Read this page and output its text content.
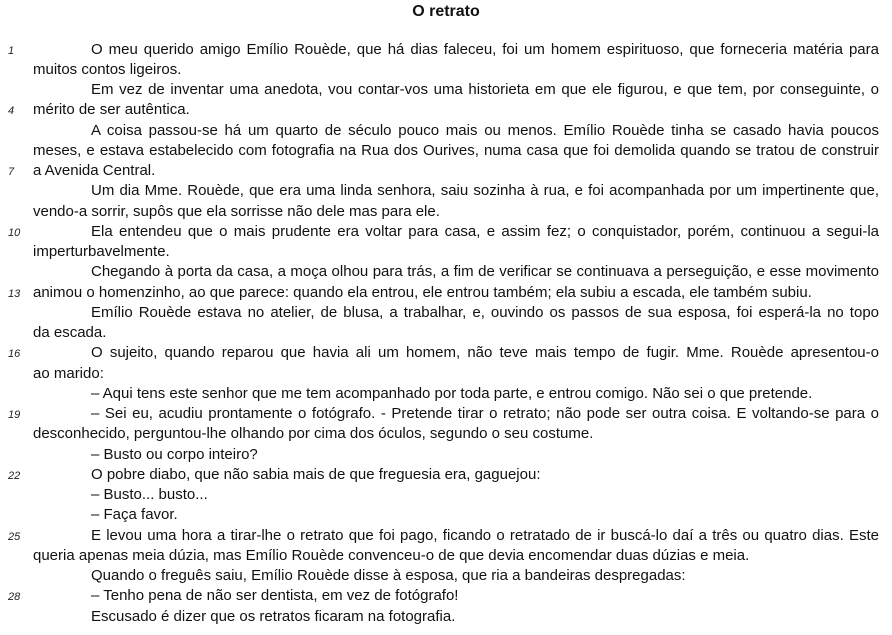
O retrato
O meu querido amigo Emílio Rouède, que há dias faleceu, foi um homem espirituoso, que forneceria matéria para
muitos contos ligeiros.
Em vez de inventar uma anedota, vou contar-vos uma historieta em que ele figurou, e que tem, por conseguinte, o
mérito de ser autêntica.
A coisa passou-se há um quarto de século pouco mais ou menos. Emílio Rouède tinha se casado havia poucos
meses, e estava estabelecido com fotografia na Rua dos Ourives, numa casa que foi demolida quando se tratou de construir
a Avenida Central.
Um dia Mme. Rouède, que era uma linda senhora, saiu sozinha à rua, e foi acompanhada por um impertinente que,
vendo-a sorrir, supôs que ela sorrisse não dele mas para ele.
Ela entendeu que o mais prudente era voltar para casa, e assim fez; o conquistador, porém, continuou a segui-la
imperturbavelmente.
Chegando à porta da casa, a moça olhou para trás, a fim de verificar se continuava a perseguição, e esse movimento
animou o homenzinho, ao que parece: quando ela entrou, ele entrou também; ela subiu a escada, ele também subiu.
Emílio Rouède estava no atelier, de blusa, a trabalhar, e, ouvindo os passos de sua esposa, foi esperá-la no topo
da escada.
O sujeito, quando reparou que havia ali um homem, não teve mais tempo de fugir. Mme. Rouède apresentou-o
ao marido:
– Aqui tens este senhor que me tem acompanhado por toda parte, e entrou comigo. Não sei o que pretende.
– Sei eu, acudiu prontamente o fotógrafo. - Pretende tirar o retrato; não pode ser outra coisa. E voltando-se para o
desconhecido, perguntou-lhe olhando por cima dos óculos, segundo o seu costume.
– Busto ou corpo inteiro?
O pobre diabo, que não sabia mais de que freguesia era, gaguejou:
– Busto... busto...
– Faça favor.
E levou uma hora a tirar-lhe o retrato que foi pago, ficando o retratado de ir buscá-lo daí a três ou quatro dias. Este
queria apenas meia dúzia, mas Emílio Rouède convenceu-o de que devia encomendar duas dúzias e meia.
Quando o freguês saiu, Emílio Rouède disse à esposa, que ria a bandeiras despregadas:
– Tenho pena de não ser dentista, em vez de fotógrafo!
Escusado é dizer que os retratos ficaram na fotografia.
1
4
7
10
13
16
19
22
25
28
